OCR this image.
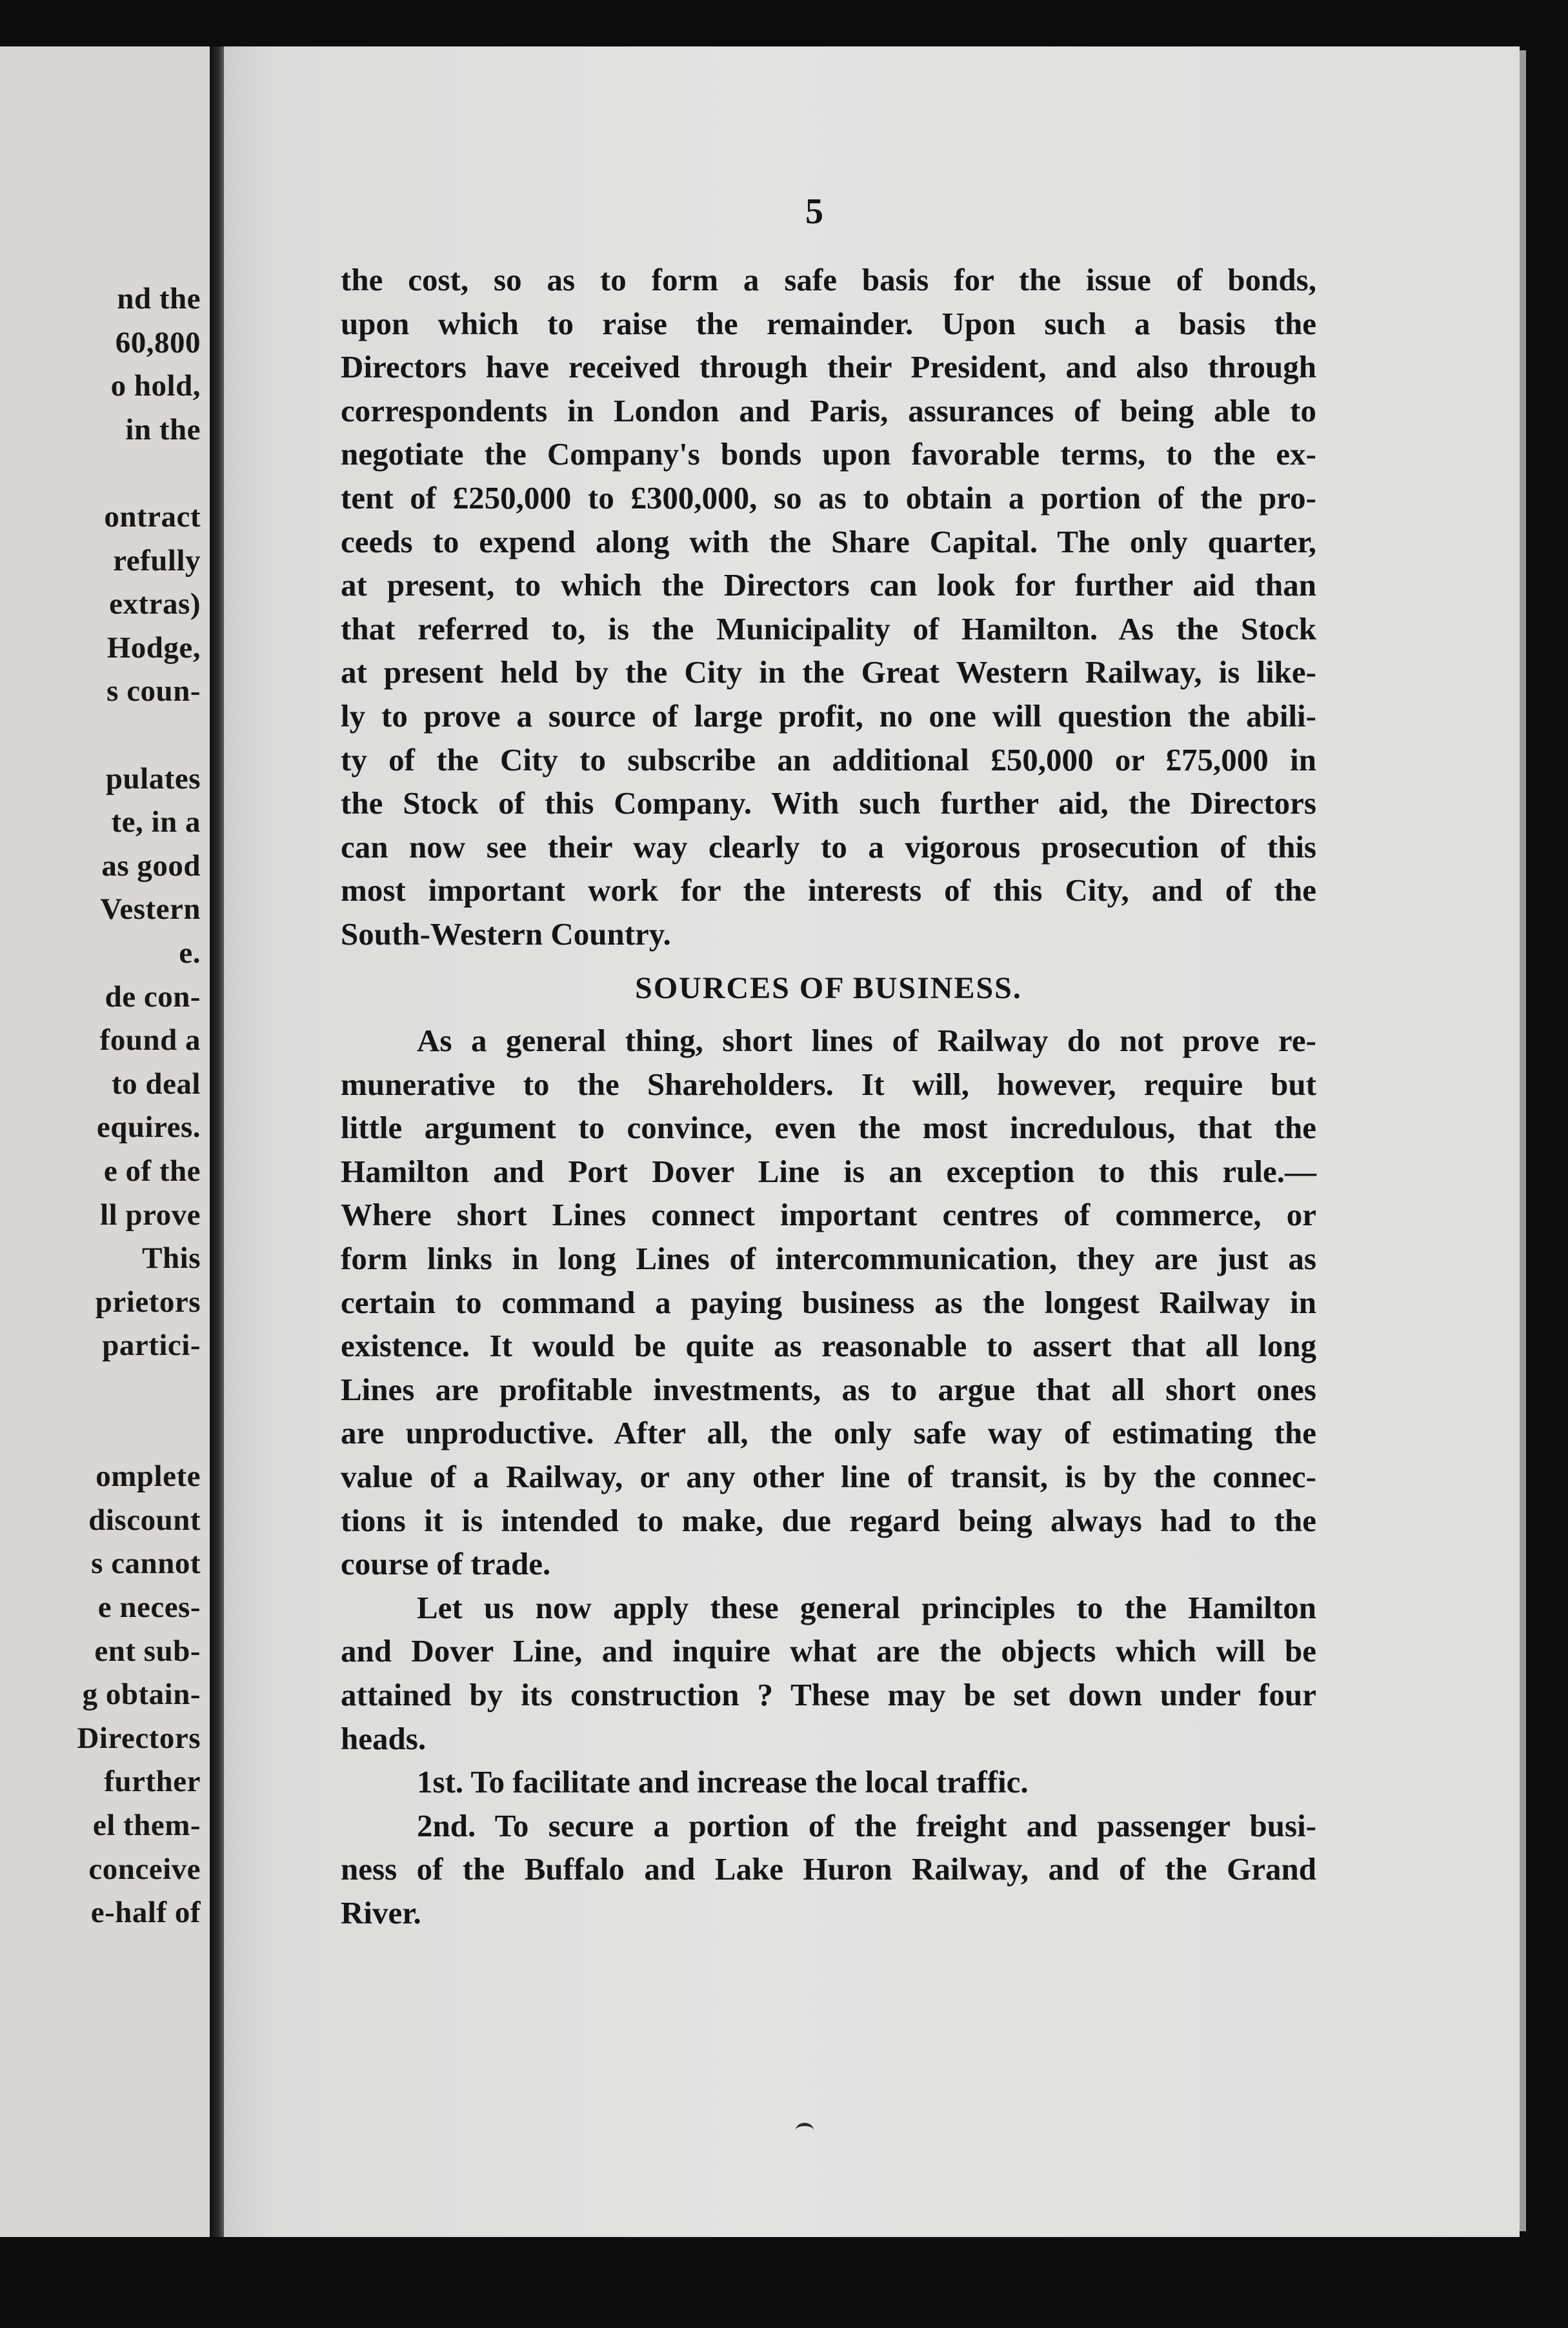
nd the
60,800
o hold,
in the
ontract
refully
extras)
Hodge,
s coun-
pulates
te, in a
as good
Vestern
e.
de con-
found a
to deal
equires.
e of the
ll prove
This
prietors
partici-
omplete
discount
s cannot
e neces-
ent sub-
g obtain-
Directors
further
el them-
conceive
e-half of
5
the cost, so as to form a safe basis for the issue of bonds,
upon which to raise the remainder. Upon such a basis the
Directors have received through their President, and also through
correspondents in London and Paris, assurances of being able to
negotiate the Company's bonds upon favorable terms, to the ex-
tent of £250,000 to £300,000, so as to obtain a portion of the pro-
ceeds to expend along with the Share Capital. The only quarter,
at present, to which the Directors can look for further aid than
that referred to, is the Municipality of Hamilton. As the Stock
at present held by the City in the Great Western Railway, is like-
ly to prove a source of large profit, no one will question the abili-
ty of the City to subscribe an additional £50,000 or £75,000 in
the Stock of this Company. With such further aid, the Directors
can now see their way clearly to a vigorous prosecution of this
most important work for the interests of this City, and of the
South-Western Country.
SOURCES OF BUSINESS.
As a general thing, short lines of Railway do not prove re-
munerative to the Shareholders. It will, however, require but
little argument to convince, even the most incredulous, that the
Hamilton and Port Dover Line is an exception to this rule.—
Where short Lines connect important centres of commerce, or
form links in long Lines of intercommunication, they are just as
certain to command a paying business as the longest Railway in
existence. It would be quite as reasonable to assert that all long
Lines are profitable investments, as to argue that all short ones
are unproductive. After all, the only safe way of estimating the
value of a Railway, or any other line of transit, is by the connec-
tions it is intended to make, due regard being always had to the
course of trade.
Let us now apply these general principles to the Hamilton
and Dover Line, and inquire what are the objects which will be
attained by its construction ? These may be set down under four
heads.
1st. To facilitate and increase the local traffic.
2nd. To secure a portion of the freight and passenger busi-
ness of the Buffalo and Lake Huron Railway, and of the Grand
River.
